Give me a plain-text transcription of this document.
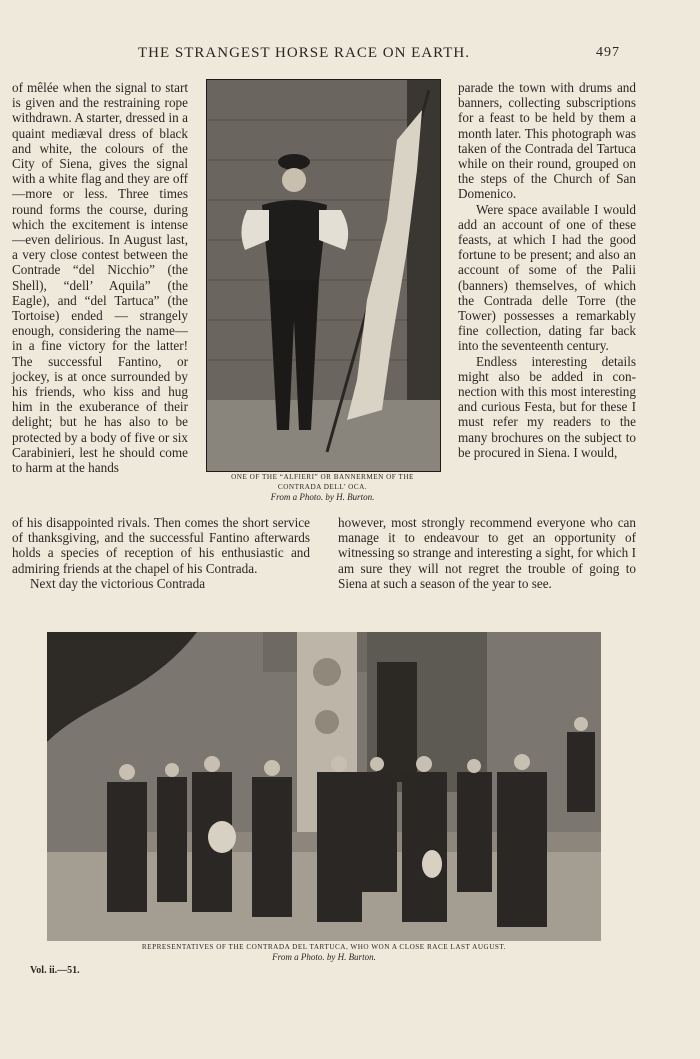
THE STRANGEST HORSE RACE ON EARTH.	497

of mêlée when the signal to start is given and the restraining rope withdrawn. A starter, dressed in a quaint mediæval dress of black and white, the colours of the City of Siena, gives the signal with a white flag and they are off —more or less. Three times round forms the course, during which the excitement is intense—even delirious. In August last, a very close contest between the Contrade “del Nicchio” (the Shell), “dell’ Aquila” (the Eagle), and “del Tartuca” (the Tortoise) ended — strangely enough, considering the name—in a fine victory for the latter! The successful Fantino, or jockey, is at once surrounded by his friends, who kiss and hug him in the exuberance of their delight; but he has also to be protected by a body of five or six Carabinieri, lest he should come to harm at the hands

ONE OF THE “ALFIERI” OR BANNERMEN OF THE
CONTRADA DELL’ OCA.
From a Photo. by H. Burton.

parade the town with drums and banners, collecting subscriptions for a feast to be held by them a month later. This photograph was taken of the Contrada del Tartuca while on their round, grouped on the steps of the Church of San Domenico.

Were space available I would add an account of one of these feasts, at which I had the good fortune to be present; and also an account of some of the Palii (banners) themselves, of which the Contrada delle Torre (the Tower) possesses a remarkably fine collection, dating far back into the seventeenth century.

Endless interesting details might also be added in connection with this most interesting and curious Festa, but for these I must refer my readers to the many brochures on the subject to be procured in Siena. I would,

of his disappointed rivals. Then comes the short service of thanksgiving, and the successful Fantino afterwards holds a species of reception of his enthusiastic and admiring friends at the chapel of his Contrada.

Next day the victorious Contrada

however, most strongly recommend everyone who can manage it to endeavour to get an opportunity of witnessing so strange and interesting a sight, for which I am sure they will not regret the trouble of going to Siena at such a season of the year to see.

REPRESENTATIVES OF THE CONTRADA DEL TARTUCA, WHO WON A CLOSE RACE LAST AUGUST.
From a Photo. by H. Burton.
Vol. ii.—51.
